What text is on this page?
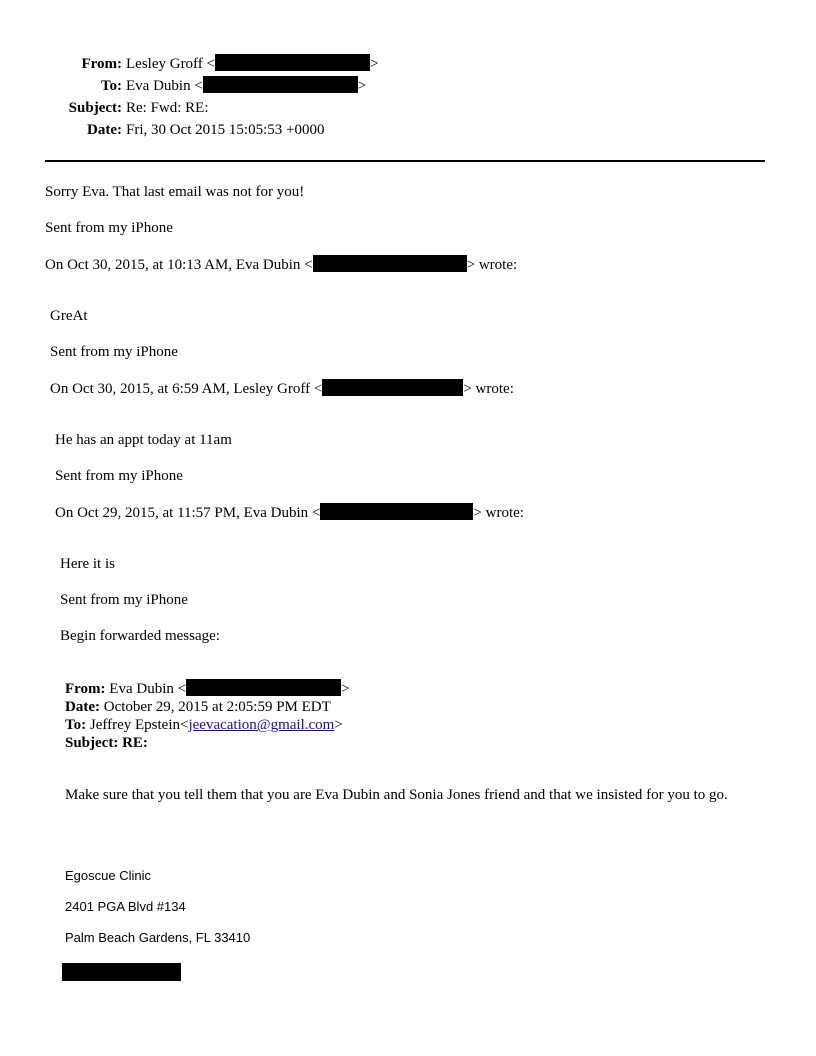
From: Lesley Groff <	>
To: Eva Dubin <	>
Subject: Re: Fwd: RE:
Date: Fri, 30 Oct 2015 15:05:53 +0000
Sorry Eva. That last email was not for you!
Sent from my iPhone
On Oct 30, 2015, at 10:13 AM, Eva Dubin <	> wrote:
GreAt
Sent from my iPhone
On Oct 30, 2015, at 6:59 AM, Lesley Groff <	> wrote:
He has an appt today at 11am
Sent from my iPhone
On Oct 29, 2015, at 11:57 PM, Eva Dubin <	> wrote:
Here it is
Sent from my iPhone
Begin forwarded message:
From: Eva Dubin <	>
Date: October 29, 2015 at 2:05:59 PM EDT
To: Jeffrey Epstein<jeevacation@gmail.com>
Subject: RE:
Make sure that you tell them that you are Eva Dubin and Sonia Jones friend and that we insisted for you to go.
Egoscue Clinic
2401 PGA Blvd #134
Palm Beach Gardens, FL 33410
